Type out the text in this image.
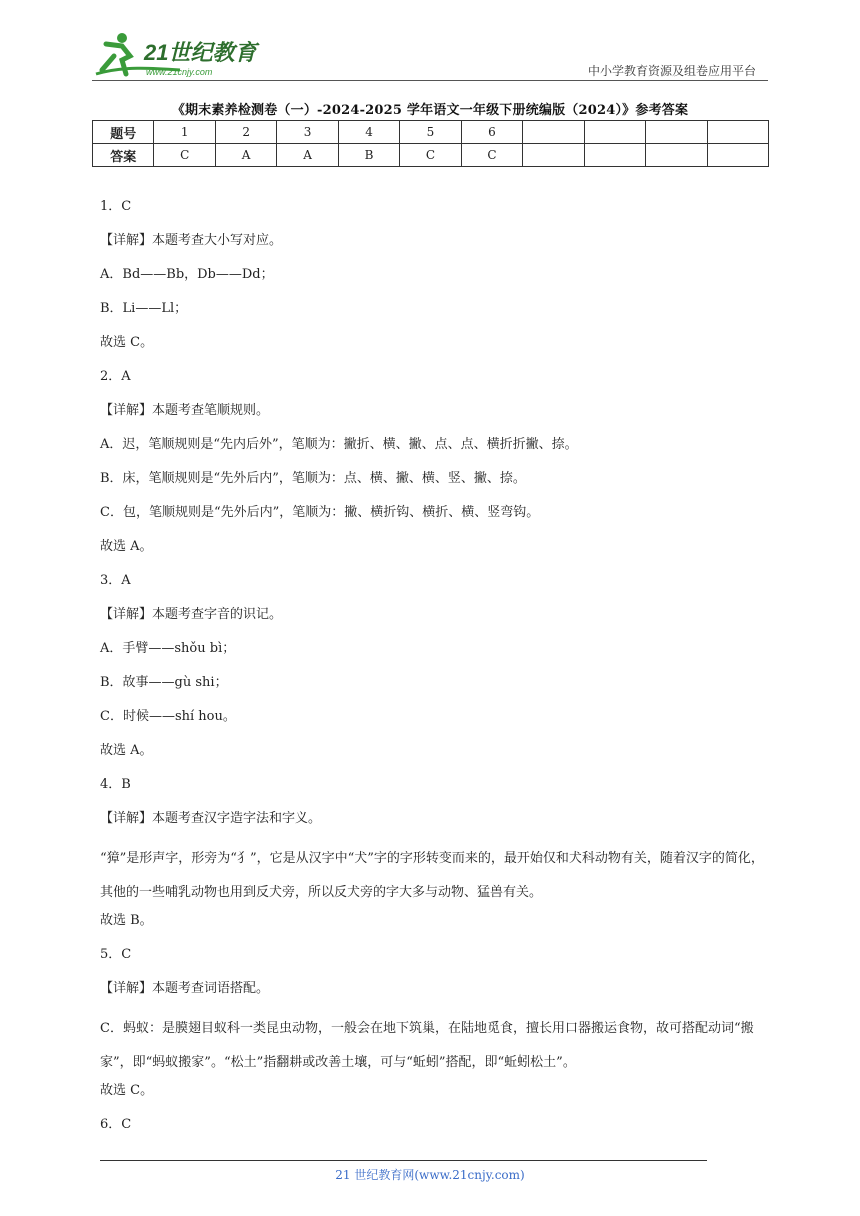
21世纪教育
www.21cnjy.com	中小学教育资源及组卷应用平台
《期末素养检测卷（一）-2024-2025 学年语文一年级下册统编版（2024）》参考答案
题号	1	2	3	4	5	6				
答案	C	A	A	B	C	C				
1．C
【详解】本题考查大小写对应。
A．Bd——Bb，Db——Dd；
B．Li——Ll；
故选 C。
2．A
【详解】本题考查笔顺规则。
A．迟，笔顺规则是“先内后外”，笔顺为：撇折、横、撇、点、点、横折折撇、捺。
B．床，笔顺规则是“先外后内”，笔顺为：点、横、撇、横、竖、撇、捺。
C．包，笔顺规则是“先外后内”，笔顺为：撇、横折钩、横折、横、竖弯钩。
故选 A。
3．A
【详解】本题考查字音的识记。
A．手臂——shǒu bì；
B．故事——gù shi；
C．时候——shí hou。
故选 A。
4．B
【详解】本题考查汉字造字法和字义。
“獐”是形声字，形旁为“犭”，它是从汉字中“犬”字的字形转变而来的，最开始仅和犬科动物有关，随着汉字的简化，其他的一些哺乳动物也用到反犬旁，所以反犬旁的字大多与动物、猛兽有关。
故选 B。
5．C
【详解】本题考查词语搭配。
C．蚂蚁：是膜翅目蚁科一类昆虫动物，一般会在地下筑巢，在陆地觅食，擅长用口器搬运食物，故可搭配动词“搬家”，即“蚂蚁搬家”。“松土”指翻耕或改善土壤，可与“蚯蚓”搭配，即“蚯蚓松土”。
故选 C。
6．C
21 世纪教育网(www.21cnjy.com)
